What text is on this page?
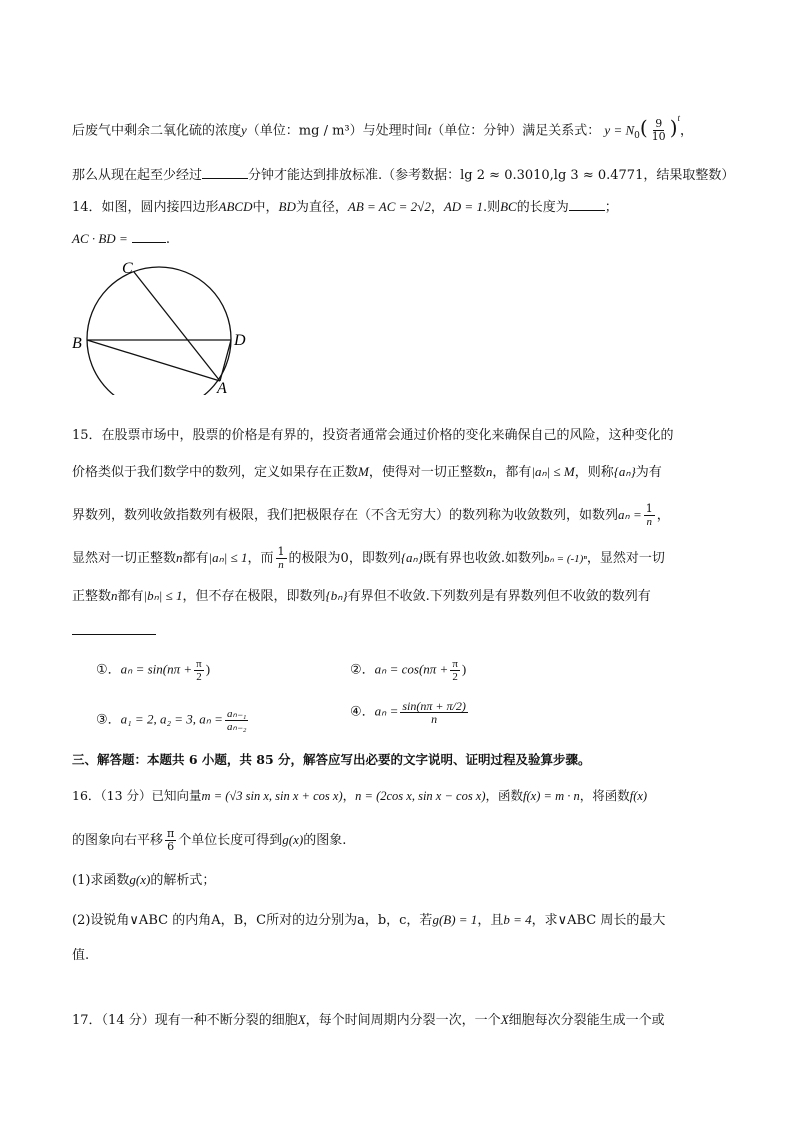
后废气中剩余二氧化硫的浓度y（单位：mg / m³）与处理时间t（单位：分钟）满足关系式： $y = N_0( \frac{9}{10} )^t$，
那么从现在起至少经过	分钟才能达到排放标准.（参考数据：lg 2 ≈ 0.3010,lg 3 ≈ 0.4771，结果取整数）
14．如图，圆内接四边形ABCD中，BD为直径，AB = AC = 2√2，AD = 1.则BC的长度为	；
AC · BD =	.
C
B	D
A
15．在股票市场中，股票的价格是有界的，投资者通常会通过价格的变化来确保自己的风险，这种变化的
价格类似于我们数学中的数列，定义如果存在正数M，使得对一切正整数n，都有|aₙ| ≤ M，则称{aₙ}为有
界数列，数列收敛指数列有极限，我们把极限存在（不含无穷大）的数列称为收敛数列，如数列$a_n = \frac{1}{n}$ ，
显然对一切正整数n都有|aₙ| ≤ 1，而 $\frac{1}{n}$ 的极限为0，即数列{aₙ}既有界也收敛.如数列bₙ = (-1)ⁿ，显然对一切
正整数n都有|bₙ| ≤ 1，但不存在极限，即数列{bₙ}有界但不收敛.下列数列是有界数列但不收敛的数列有
①．$a_n = \sin(n\pi + \frac{\pi}{2}$ )	②．$a_n = \cos(n\pi + \frac{\pi}{2}$ )
③．a₁ = 2, a₂ = 3, $a_n = \frac{\text{aₙ₋₁}}{\text{aₙ₋₂}}$	④．$a_n = \frac{\sin(n\pi + \pi/2)}{n}$
三、解答题：本题共 6 小题，共 85 分，解答应写出必要的文字说明、证明过程及验算步骤。
16．（13 分）已知向量m = (√3 sin x, sin x + cos x)，n = (2cos x, sin x − cos x)，函数f(x) = m · n，将函数f(x)
的图象向右平移 $\frac{\pi}{6}$ 个单位长度可得到g(x)的图象.
(1)求函数g(x)的解析式；
(2)设锐角∨ABC 的内角A，B，C所对的边分别为a，b，c，若g(B) = 1，且b = 4，求∨ABC 周长的最大
值.
17．（14 分）现有一种不断分裂的细胞X，每个时间周期内分裂一次，一个X细胞每次分裂能生成一个或
